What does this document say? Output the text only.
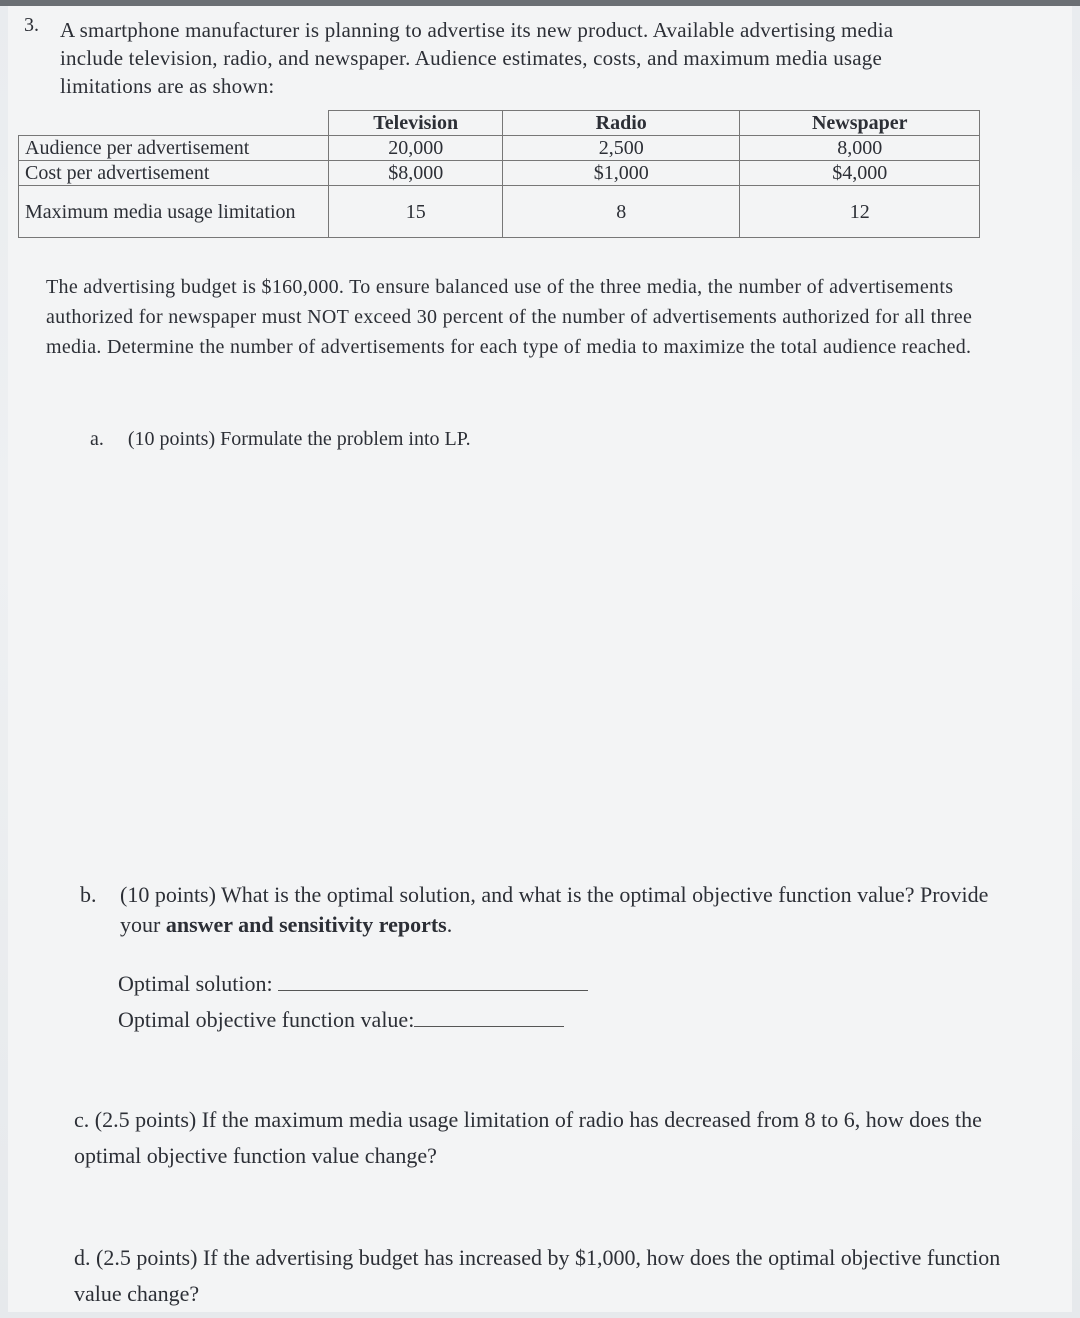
3. A smartphone manufacturer is planning to advertise its new product. Available advertising media include television, radio, and newspaper. Audience estimates, costs, and maximum media usage limitations are as shown:
	Television	Radio	Newspaper
Audience per advertisement	20,000	2,500	8,000
Cost per advertisement	$8,000	$1,000	$4,000
Maximum media usage limitation	15	8	12
The advertising budget is $160,000. To ensure balanced use of the three media, the number of advertisements authorized for newspaper must NOT exceed 30 percent of the number of advertisements authorized for all three media. Determine the number of advertisements for each type of media to maximize the total audience reached.
a. (10 points) Formulate the problem into LP.
b. (10 points) What is the optimal solution, and what is the optimal objective function value? Provide your answer and sensitivity reports.
Optimal solution:
Optimal objective function value:
c. (2.5 points) If the maximum media usage limitation of radio has decreased from 8 to 6, how does the optimal objective function value change?
d. (2.5 points) If the advertising budget has increased by $1,000, how does the optimal objective function value change?
